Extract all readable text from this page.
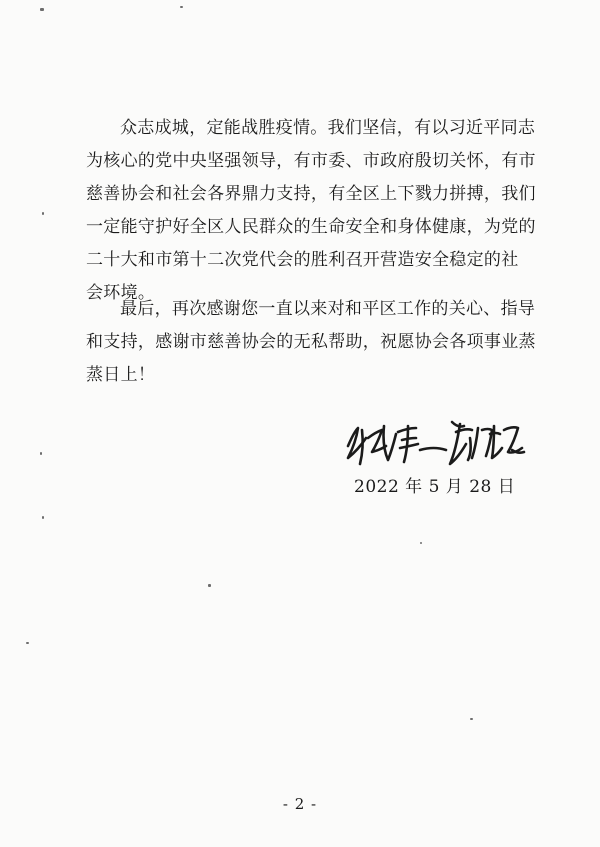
众志成城，定能战胜疫情。我们坚信，有以习近平同志
为核心的党中央坚强领导，有市委、市政府殷切关怀，有市
慈善协会和社会各界鼎力支持，有全区上下戮力拼搏，我们
一定能守护好全区人民群众的生命安全和身体健康，为党的
二十大和市第十二次党代会的胜利召开营造安全稳定的社
会环境。
最后，再次感谢您一直以来对和平区工作的关心、指导
和支持，感谢市慈善协会的无私帮助，祝愿协会各项事业蒸
蒸日上！
2022 年 5 月 28 日
- 2 -
